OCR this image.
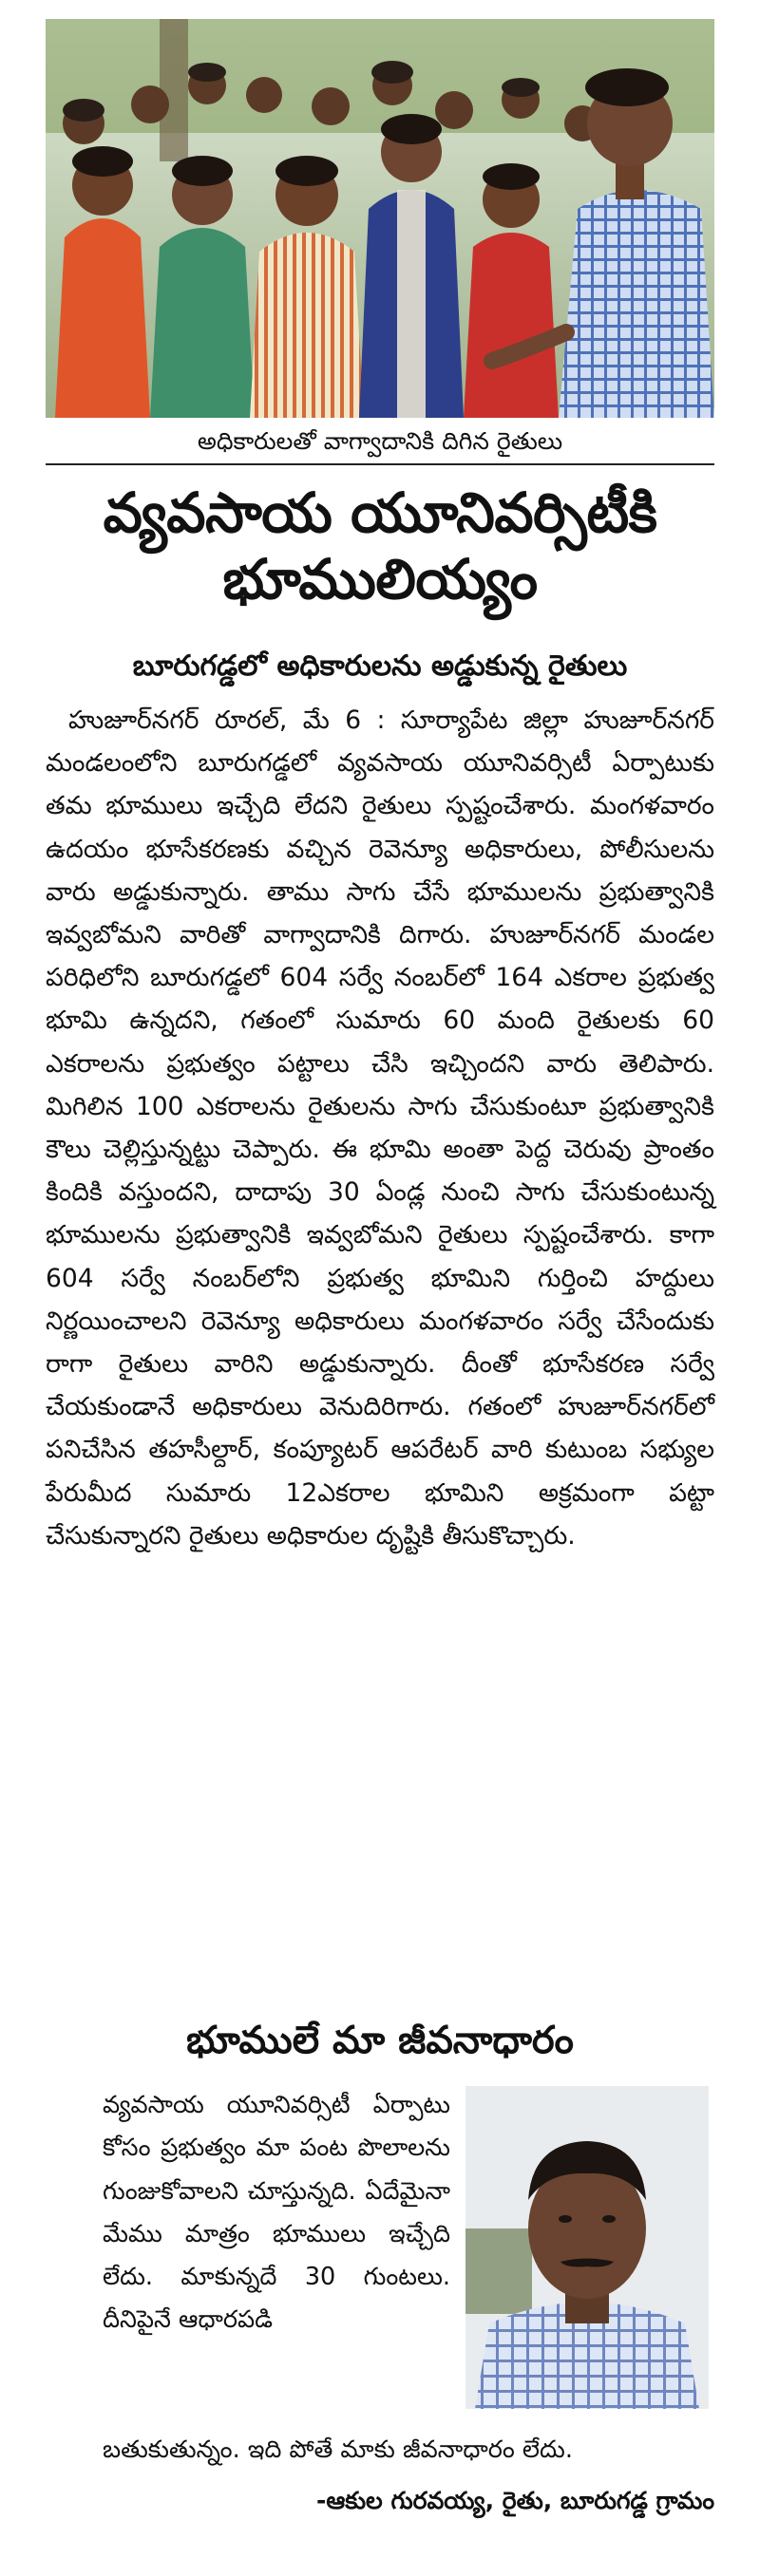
అధికారులతో వాగ్వాదానికి దిగిన రైతులు
వ్యవసాయ యూనివర్సిటీకి
భూములియ్యం
బూరుగడ్డలో అధికారులను అడ్డుకున్న రైతులు

హుజూర్‌నగర్ రూరల్, మే 6 : సూర్యాపేట జిల్లా హుజూర్‌నగర్ మండలంలోని బూరుగడ్డలో వ్యవసాయ యూనివర్సిటీ ఏర్పాటుకు తమ భూములు ఇచ్చేది లేదని రైతులు స్పష్టంచేశారు. మంగళవారం ఉదయం భూసేకరణకు వచ్చిన రెవెన్యూ అధికారులు, పోలీసులను వారు అడ్డుకున్నారు. తాము సాగు చేసే భూములను ప్రభుత్వానికి ఇవ్వబోమని వారితో వాగ్వాదానికి దిగారు. హుజూర్‌నగర్ మండల పరిధిలోని బూరుగడ్డలో 604 సర్వే నంబర్‌లో 164 ఎకరాల ప్రభుత్వ భూమి ఉన్నదని, గతంలో సుమారు 60 మంది రైతులకు 60 ఎకరాలను ప్రభుత్వం పట్టాలు చేసి ఇచ్చిందని వారు తెలిపారు. మిగిలిన 100 ఎకరాలను రైతులను సాగు చేసుకుంటూ ప్రభుత్వానికి కౌలు చెల్లిస్తున్నట్టు చెప్పారు. ఈ భూమి అంతా పెద్ద చెరువు ప్రాంతం కిందికి వస్తుందని, దాదాపు 30 ఏండ్ల నుంచి సాగు చేసుకుంటున్న భూములను ప్రభుత్వానికి ఇవ్వబోమని రైతులు స్పష్టంచేశారు. కాగా 604 సర్వే నంబర్‌లోని ప్రభుత్వ భూమిని గుర్తించి హద్దులు నిర్ణయించాలని రెవెన్యూ అధికారులు మంగళవారం సర్వే చేసేందుకు రాగా రైతులు వారిని అడ్డుకున్నారు. దీంతో భూసేకరణ సర్వే చేయకుండానే అధికారులు వెనుదిరిగారు. గతంలో హుజూర్‌నగర్‌లో పనిచేసిన తహసీల్దార్, కంప్యూటర్ ఆపరేటర్ వారి కుటుంబ సభ్యుల పేరుమీద సుమారు 12ఎకరాల భూమిని అక్రమంగా పట్టా చేసుకున్నారని రైతులు అధికారుల దృష్టికి తీసుకొచ్చారు.

భూములే మా జీవనాధారం

వ్యవసాయ యూనివర్సిటీ ఏర్పాటు కోసం ప్రభుత్వం మా పంట పొలాలను గుంజుకోవాలని చూస్తున్నది. ఏదేమైనా మేము మాత్రం భూములు ఇచ్చేది లేదు. మాకున్నదే 30 గుంటలు. దీనిపైనే ఆధారపడి

బతుకుతున్నం. ఇది పోతే మాకు జీవనాధారం లేదు.
-ఆకుల గురవయ్య, రైతు, బూరుగడ్డ గ్రామం
